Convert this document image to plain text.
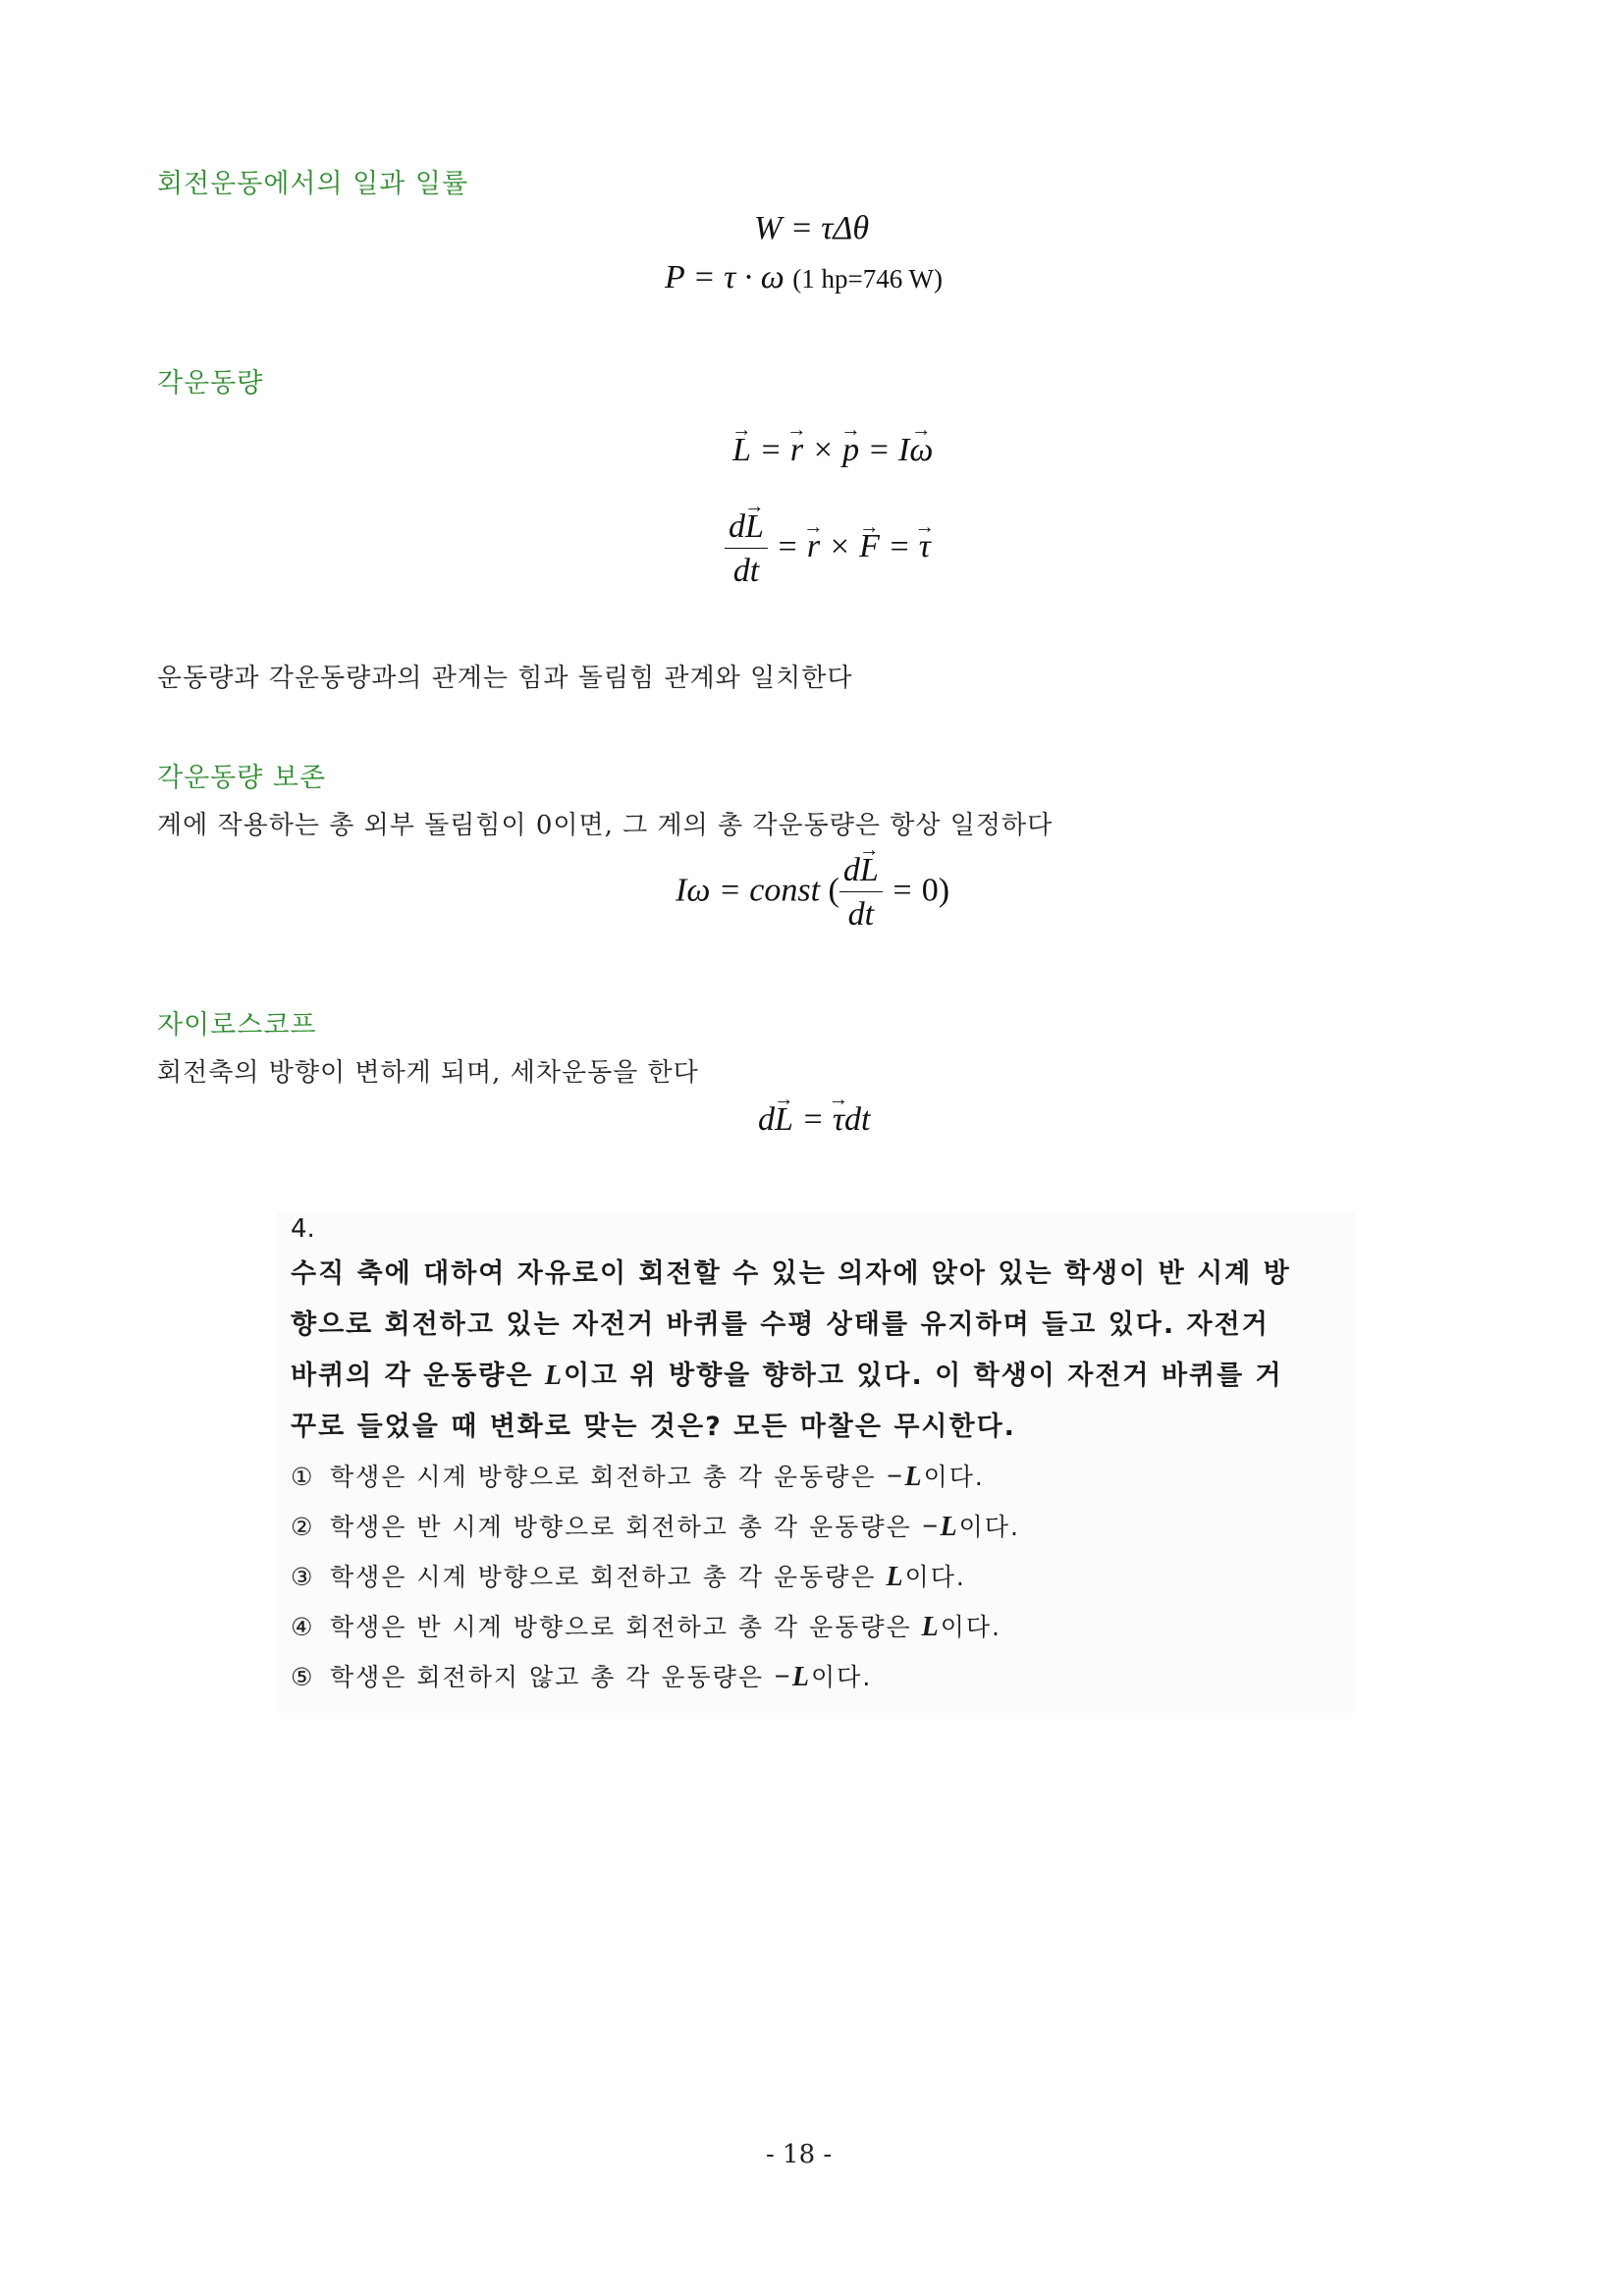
회전운동에서의 일과 일률
W = τΔθ
P = τ · ω (1 hp=746 W)
각운동량
→ L = → r × → p = I→ ω
$\frac{d\to L}{dt}$ = → r × → F = → τ
운동량과 각운동량과의 관계는 힘과 돌림힘 관계와 일치한다
각운동량 보존
계에 작용하는 총 외부 돌림힘이 0이면, 그 계의 총 각운동량은 항상 일정하다
Iω = const ( $\frac{d\to L}{dt} = 0$)
자이로스코프
회전축의 방향이 변하게 되며, 세차운동을 한다
d→ L = → τdt
4.
수직 축에 대하여 자유로이 회전할 수 있는 의자에 앉아 있는 학생이 반 시계 방
향으로 회전하고 있는 자전거 바퀴를 수평 상태를 유지하며 들고 있다. 자전거
바퀴의 각 운동량은 L이고 위 방향을 향하고 있다. 이 학생이 자전거 바퀴를 거
꾸로 들었을 때 변화로 맞는 것은? 모든 마찰은 무시한다.
① 학생은 시계 방향으로 회전하고 총 각 운동량은 −L이다.
② 학생은 반 시계 방향으로 회전하고 총 각 운동량은 −L이다.
③ 학생은 시계 방향으로 회전하고 총 각 운동량은 L이다.
④ 학생은 반 시계 방향으로 회전하고 총 각 운동량은 L이다.
⑤ 학생은 회전하지 않고 총 각 운동량은 −L이다.
- 18 -
